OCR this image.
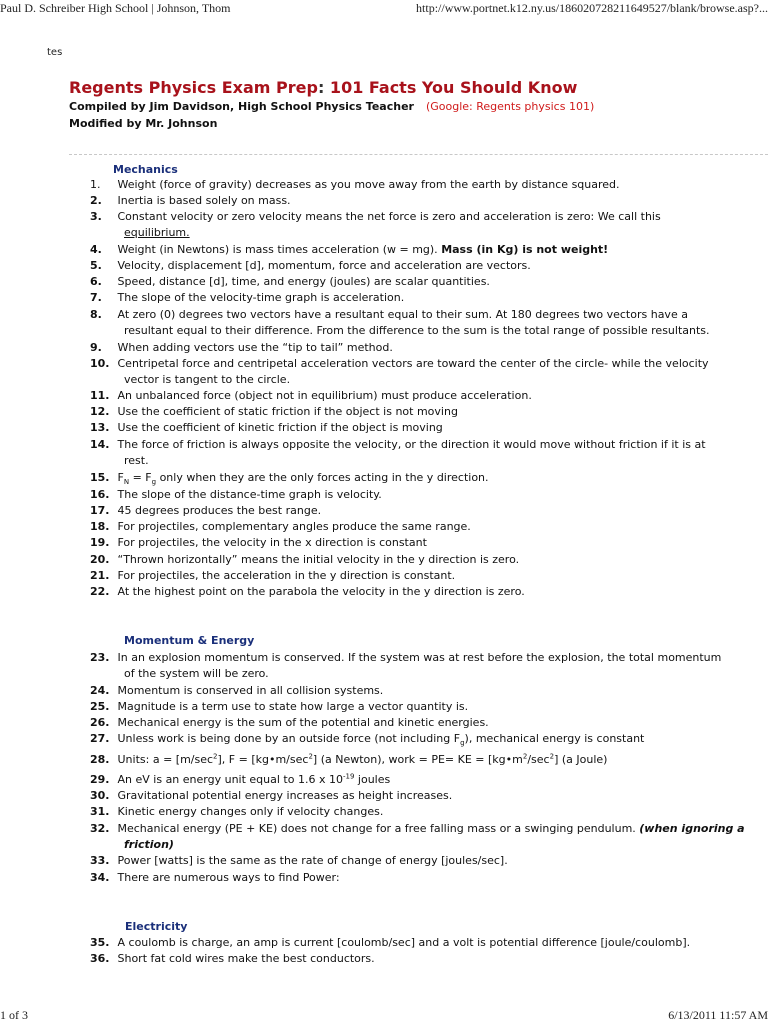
Paul D. Schreiber High School | Johnson, Thom	http://www.portnet.k12.ny.us/18602072821164952​7/blank/browse.asp?...
tes
Regents Physics Exam Prep: 101 Facts You Should Know
Compiled by Jim Davidson, High School Physics Teacher (Google: Regents physics 101)
Modified by Mr. Johnson
Mechanics
1. Weight (force of gravity) decreases as you move away from the earth by distance squared.
2. Inertia is based solely on mass.
3. Constant velocity or zero velocity means the net force is zero and acceleration is zero: We call this
equilibrium.
4. Weight (in Newtons) is mass times acceleration (w = mg). Mass (in Kg) is not weight!
5. Velocity, displacement [d], momentum, force and acceleration are vectors.
6. Speed, distance [d], time, and energy (joules) are scalar quantities.
7. The slope of the velocity-time graph is acceleration.
8. At zero (0) degrees two vectors have a resultant equal to their sum. At 180 degrees two vectors have a
resultant equal to their difference. From the difference to the sum is the total range of possible resultants.
9. When adding vectors use the “tip to tail” method.
10. Centripetal force and centripetal acceleration vectors are toward the center of the circle- while the velocity
vector is tangent to the circle.
11. An unbalanced force (object not in equilibrium) must produce acceleration.
12. Use the coefficient of static friction if the object is not moving
13. Use the coefficient of kinetic friction if the object is moving
14. The force of friction is always opposite the velocity, or the direction it would move without friction if it is at
rest.
15. $F_N = F_g$ only when they are the only forces acting in the y direction.
16. The slope of the distance-time graph is velocity.
17. 45 degrees produces the best range.
18. For projectiles, complementary angles produce the same range.
19. For projectiles, the velocity in the x direction is constant
20. “Thrown horizontally” means the initial velocity in the y direction is zero.
21. For projectiles, the acceleration in the y direction is constant.
22. At the highest point on the parabola the velocity in the y direction is zero.
Momentum & Energy
23. In an explosion momentum is conserved. If the system was at rest before the explosion, the total momentum
of the system will be zero.
24. Momentum is conserved in all collision systems.
25. Magnitude is a term use to state how large a vector quantity is.
26. Mechanical energy is the sum of the potential and kinetic energies.
27. Unless work is being done by an outside force (not including $F_g$), mechanical energy is constant
28. Units: $a = [m/\sec^2]$, $F = [kg•m/\sec^2]$ (a Newton), work = PE= KE = $[kg•m^2/\sec^2]$ (a Joule)
29. An eV is an energy unit equal to 1.6 x $10^{-19}$ joules
30. Gravitational potential energy increases as height increases.
31. Kinetic energy changes only if velocity changes.
32. Mechanical energy (PE + KE) does not change for a free falling mass or a swinging pendulum. (when ignoring a
friction)
33. Power [watts] is the same as the rate of change of energy [joules/sec].
34. There are numerous ways to find Power:
Electricity
35. A coulomb is charge, an amp is current [coulomb/sec] and a volt is potential difference [joule/coulomb].
36. Short fat cold wires make the best conductors.
1 of 3	6/13/2011 11:57 AM
